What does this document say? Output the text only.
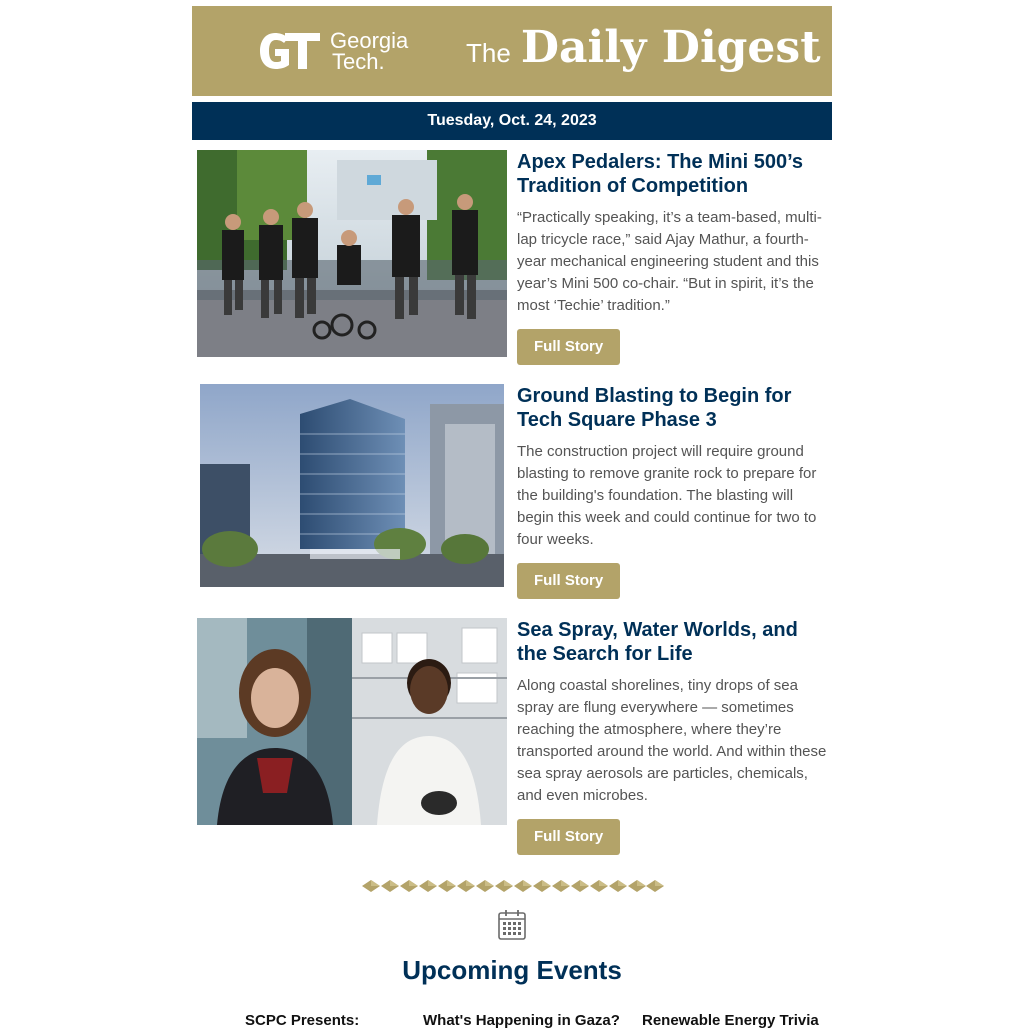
Georgia
Tech.	The Daily Digest
Tuesday, Oct. 24, 2023
Apex Pedalers: The Mini 500’s Tradition of Competition

“Practically speaking, it’s a team-based, multi-lap tricycle race,” said Ajay Mathur, a fourth-year mechanical engineering student and this year’s Mini 500 co-chair. “But in spirit, it’s the most ‘Techie’ tradition.”

Full Story
Ground Blasting to Begin for Tech Square Phase 3

The construction project will require ground blasting to remove granite rock to prepare for the building's foundation. The blasting will begin this week and could continue for two to four weeks.

Full Story
Sea Spray, Water Worlds, and the Search for Life

Along coastal shorelines, tiny drops of sea spray are flung everywhere — sometimes reaching the atmosphere, where they’re transported around the world. And within these sea spray aerosols are particles, chemicals, and even microbes.

Full Story
Upcoming Events
SCPC Presents:	What's Happening in Gaza? Renewable Energy Trivia
